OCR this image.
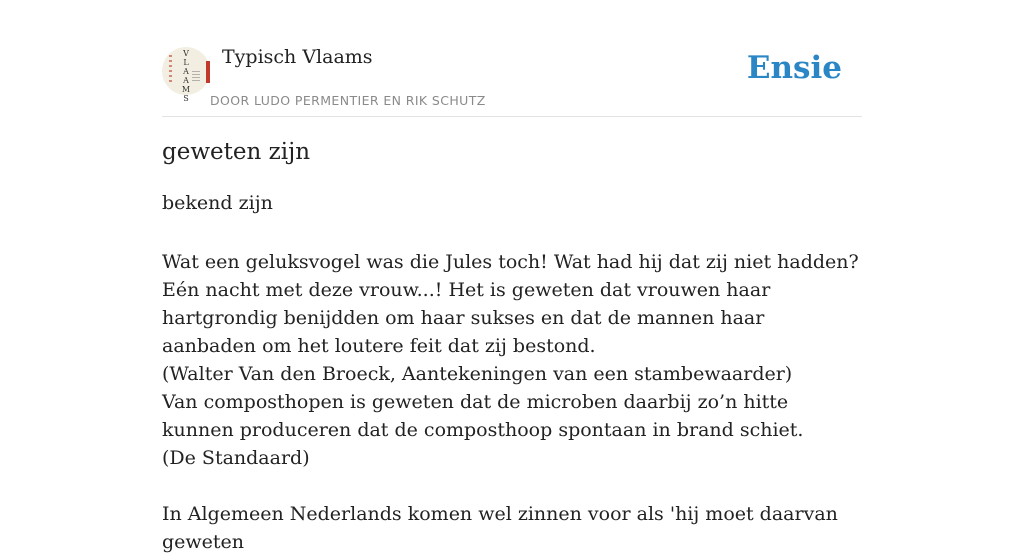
V
L
A
A
M
S
Typisch Vlaams
DOOR LUDO PERMENTIER EN RIK SCHUTZ
Ensie
geweten zijn
bekend zijn

Wat een geluksvogel was die Jules toch! Wat had hij dat zij niet hadden? Eén nacht met deze vrouw...! Het is geweten dat vrouwen haar hartgrondig benijdden om haar sukses en dat de mannen haar aanbaden om het loutere feit dat zij bestond.

(Walter Van den Broeck, Aantekeningen van een stambewaarder)

Van composthopen is geweten dat de microben daarbij zo’n hitte kunnen produceren dat de composthoop spontaan in brand schiet.

(De Standaard)

In Algemeen Nederlands komen wel zinnen voor als 'hij moet daarvan geweten
